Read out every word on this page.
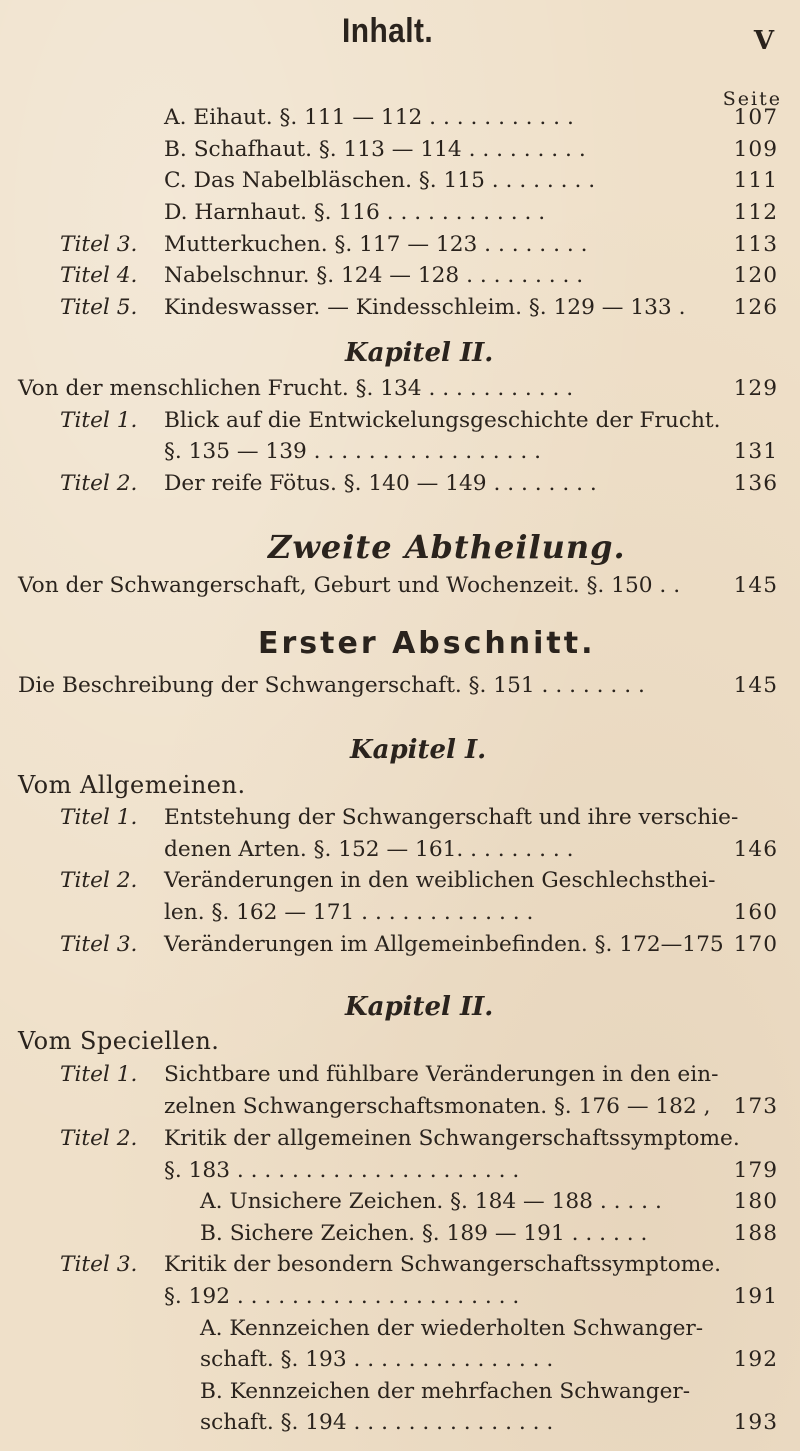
Inhalt.	V
Seite
A. Eihaut. §. 111 — 112 . . . . . . . . . . .	107
B. Schafhaut. §. 113 — 114 . . . . . . . . .	109
C. Das Nabelbläschen. §. 115 . . . . . . . .	111
D. Harnhaut. §. 116 . . . . . . . . . . . .	112
Titel 3. Mutterkuchen. §. 117 — 123 . . . . . . . .	113
Titel 4. Nabelschnur. §. 124 — 128 . . . . . . . . .	120
Titel 5. Kindeswasser. — Kindesschleim. §. 129 — 133 .	126
Kapitel II.
Von der menschlichen Frucht. §. 134 . . . . . . . . . . .	129
Titel 1. Blick auf die Entwickelungsgeschichte der Frucht.
§. 135 — 139 . . . . . . . . . . . . . . . . .	131
Titel 2. Der reife Fötus. §. 140 — 149 . . . . . . . .	136
Zweite Abtheilung.
Von der Schwangerschaft, Geburt und Wochenzeit. §. 150 . .	145
Erster Abschnitt.
Die Beschreibung der Schwangerschaft. §. 151 . . . . . . . .	145
Kapitel I.
Vom Allgemeinen.
Titel 1. Entstehung der Schwangerschaft und ihre verschie-
denen Arten. §. 152 — 161. . . . . . . . .	146
Titel 2. Veränderungen in den weiblichen Geschlechsthei-
len. §. 162 — 171 . . . . . . . . . . . . .	160
Titel 3. Veränderungen im Allgemeinbefinden. §. 172—175 170
Kapitel II.
Vom Speciellen.
Titel 1. Sichtbare und fühlbare Veränderungen in den ein-
zelnen Schwangerschaftsmonaten. §. 176 — 182 ,	173
Titel 2. Kritik der allgemeinen Schwangerschaftssymptome.
§. 183 . . . . . . . . . . . . . . . . . . . . .	179
A. Unsichere Zeichen. §. 184 — 188 . . . . .	180
B. Sichere Zeichen. §. 189 — 191 . . . . . .	188
Titel 3. Kritik der besondern Schwangerschaftssymptome.
§. 192 . . . . . . . . . . . . . . . . . . . . .	191
A. Kennzeichen der wiederholten Schwanger-
schaft. §. 193 . . . . . . . . . . . . . . .	192
B. Kennzeichen der mehrfachen Schwanger-
schaft. §. 194 . . . . . . . . . . . . . . .	193
